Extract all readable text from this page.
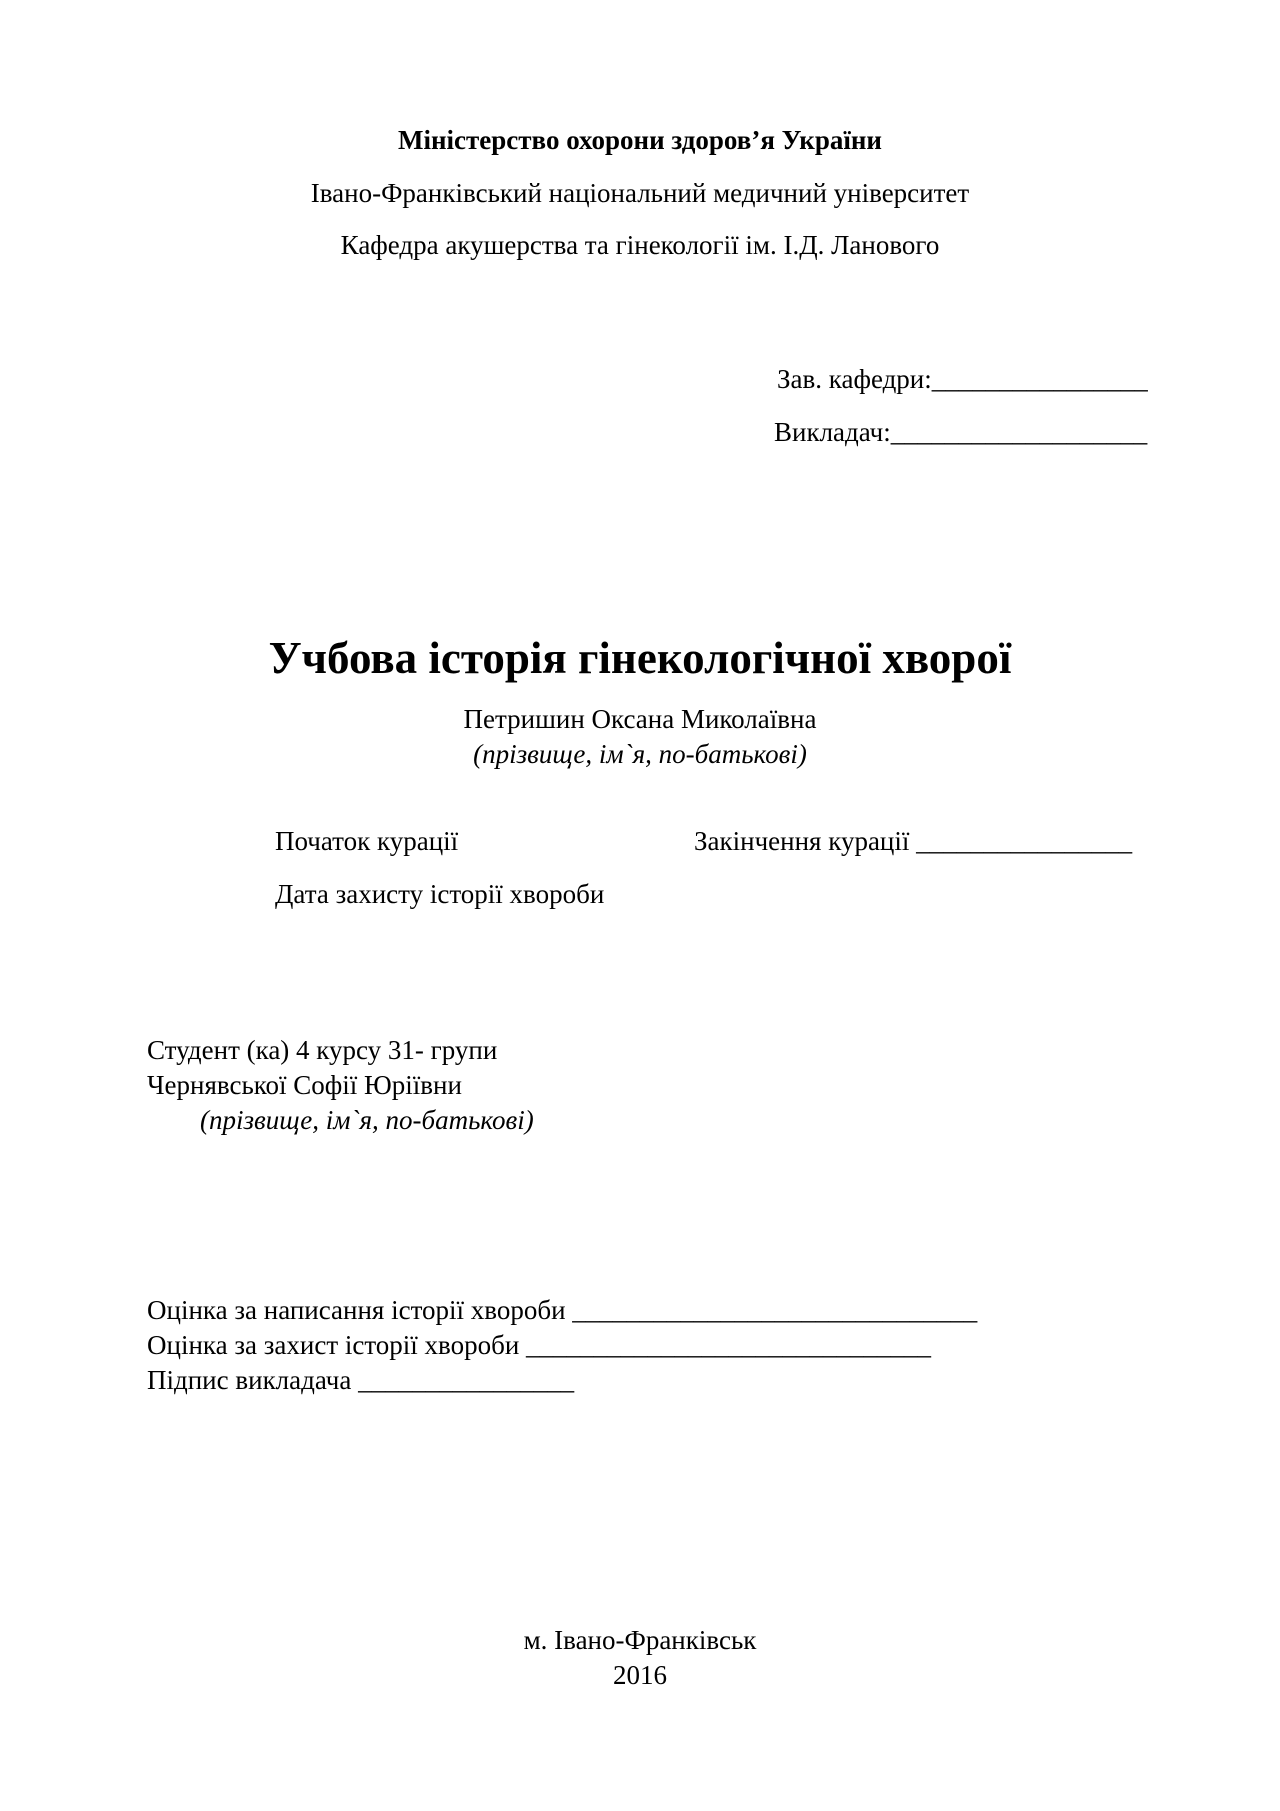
Міністерство охорони здоров’я України
Івано-Франківський національний медичний університет
Кафедра акушерства та гінекології ім. І.Д. Ланового
Зав. кафедри:________________
Викладач:___________________
Учбова історія гінекологічної хворої
Петришин Оксана Миколаївна
(прізвище, ім`я, по-батькові)
Початок курації	Закінчення курації ________________
Дата захисту історії хвороби
Студент (ка) 4 курсу 31- групи
Чернявської Софії Юріївни
(прізвище, ім`я, по-батькові)
Оцінка за написання історії хвороби ______________________________
Оцінка за захист історії хвороби ______________________________
Підпис викладача ________________
м. Івано-Франківськ
2016
